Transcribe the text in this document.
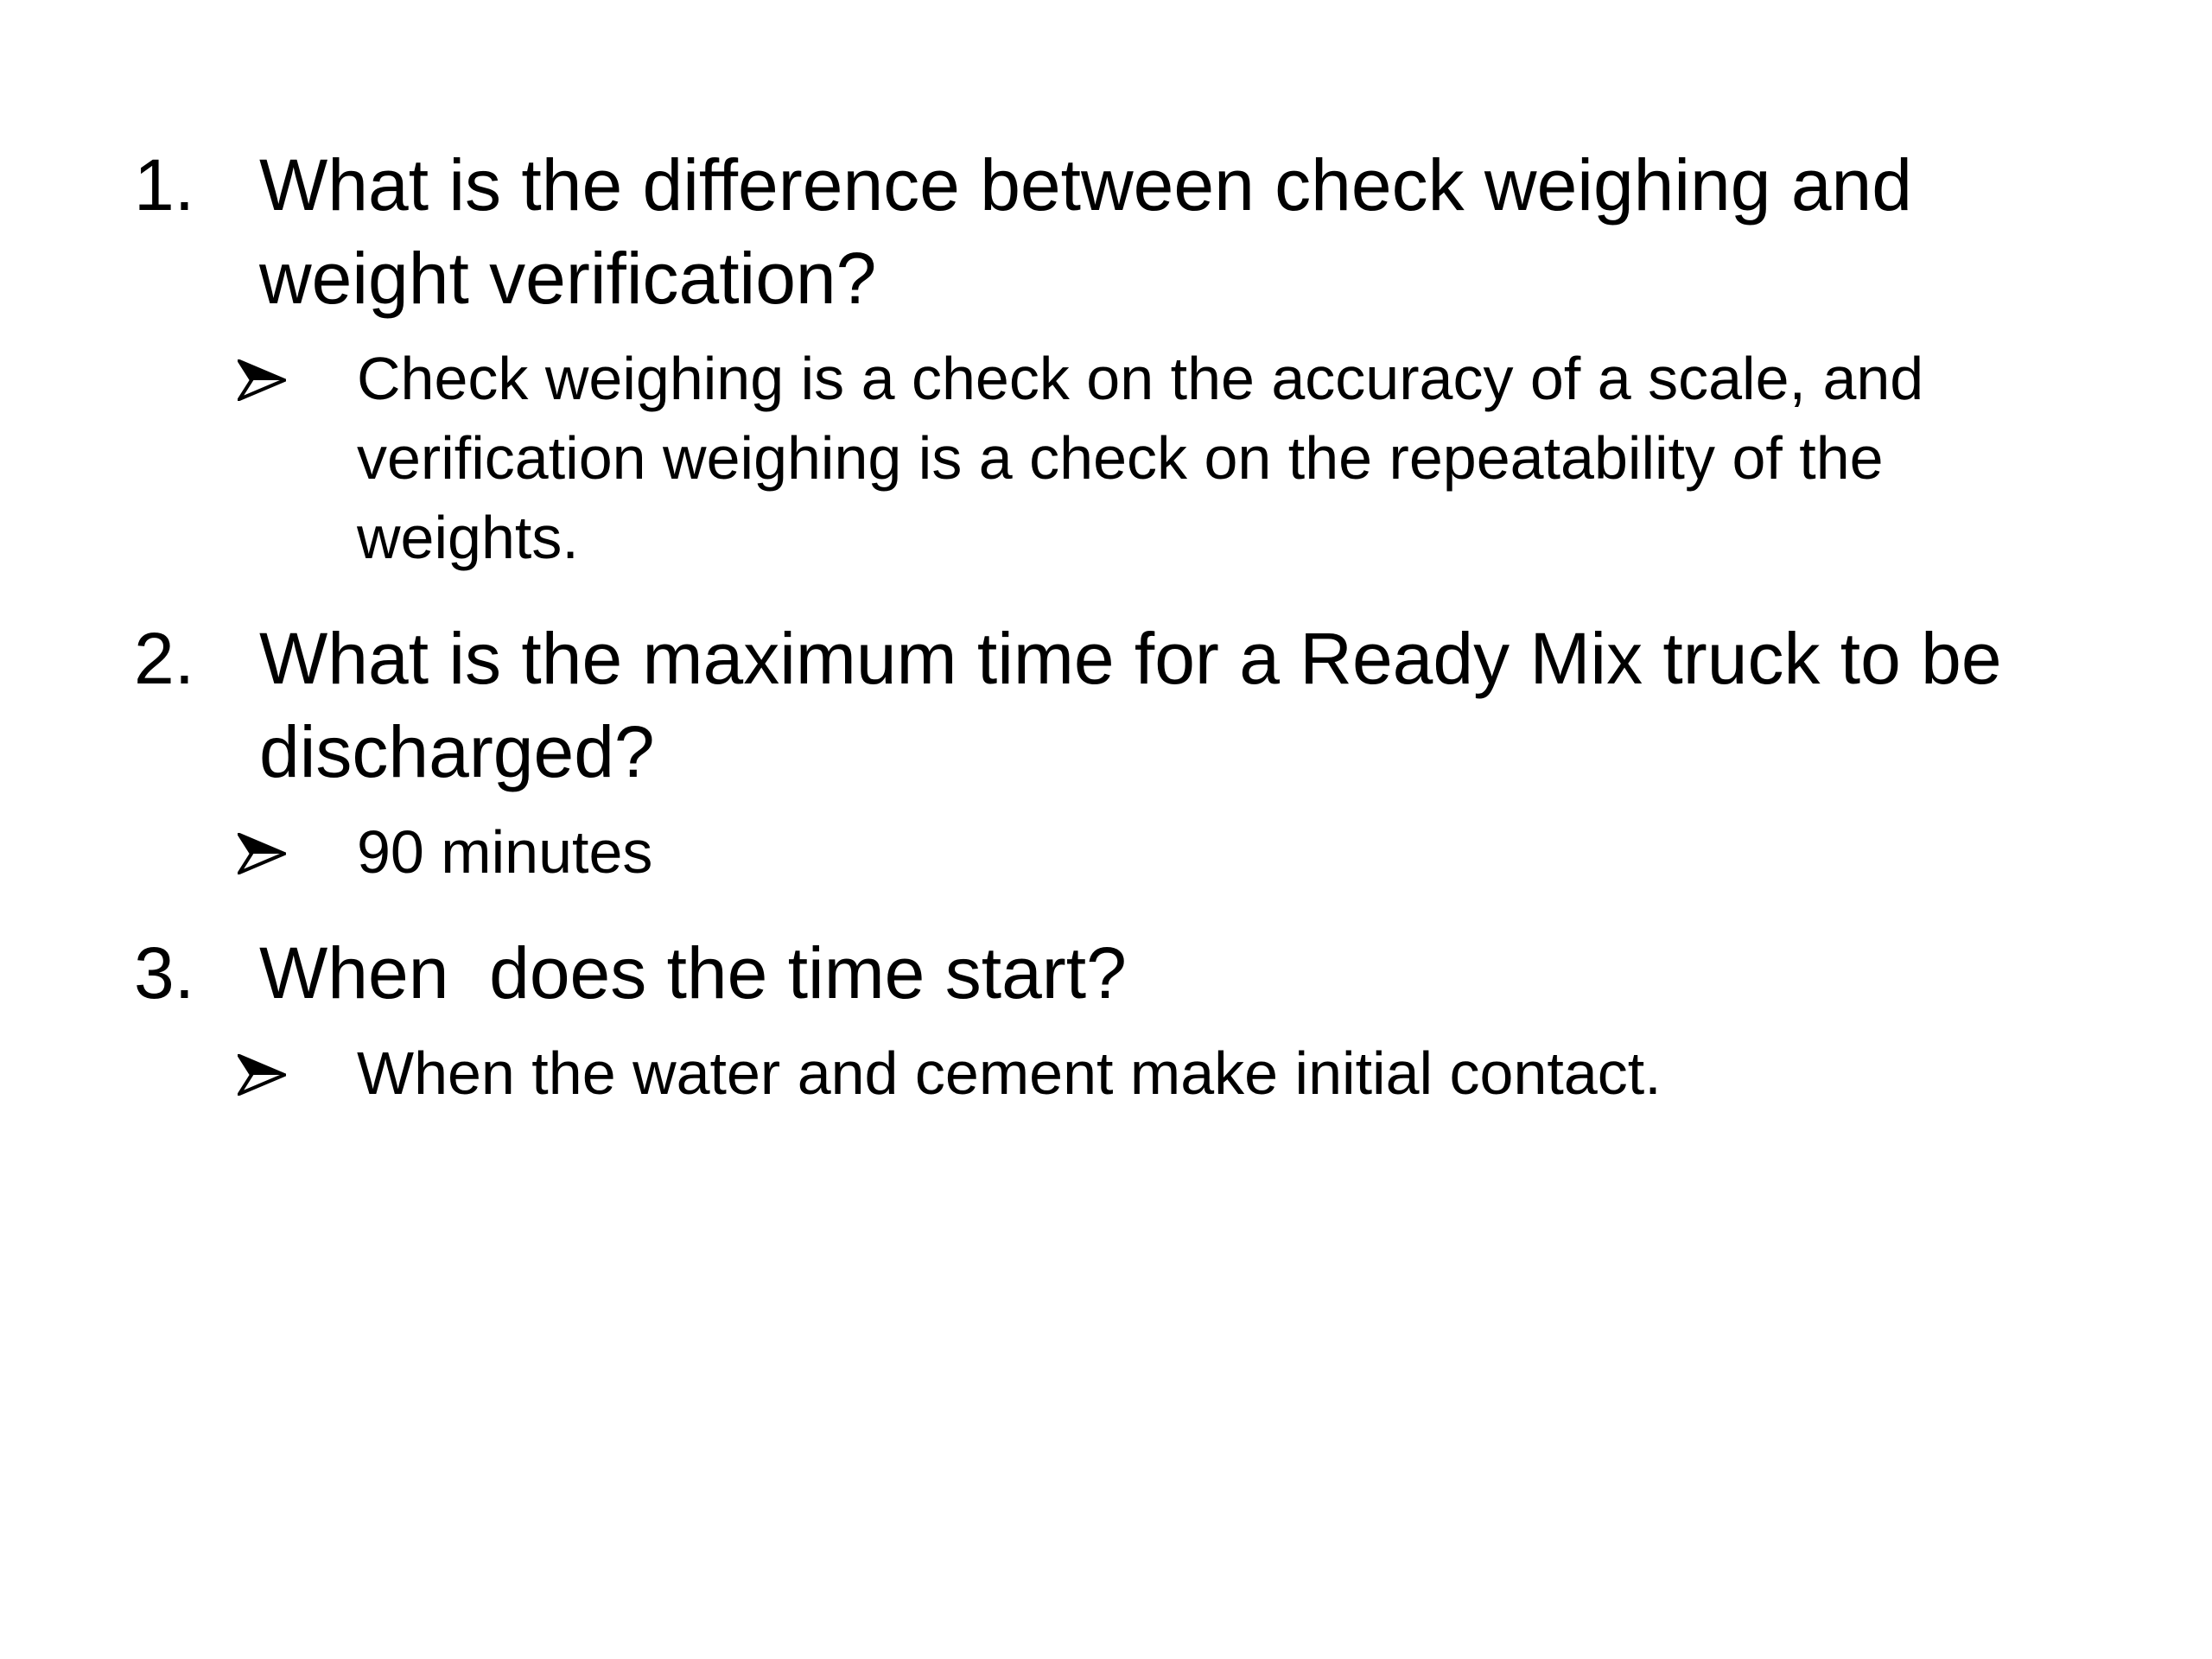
1. What is the difference between check weighing and weight verification?
Check weighing is a check on the accuracy of a scale, and verification weighing is a check on the repeatability of the weights.
2. What is the maximum time for a Ready Mix truck to be discharged?
90 minutes
3. When  does the time start?
When the water and cement make initial contact.
